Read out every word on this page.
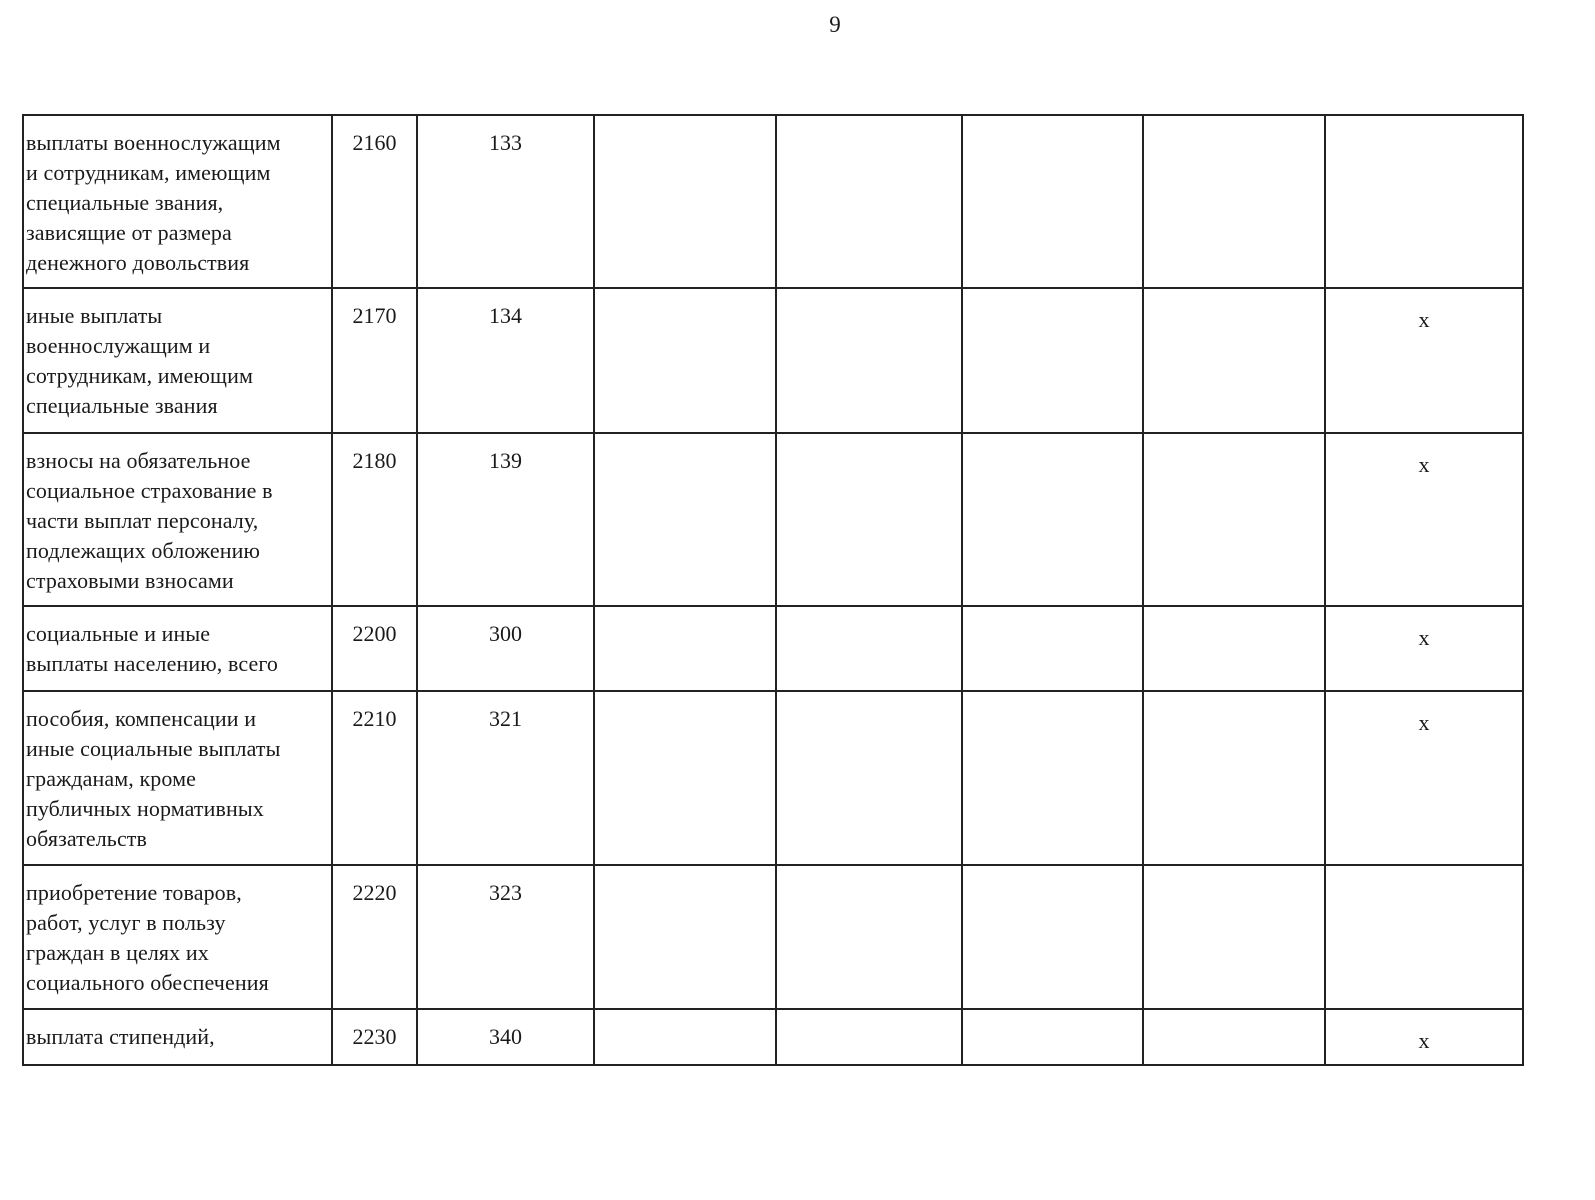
9
выплаты военнослужащим
и сотрудникам, имеющим
специальные звания,
зависящие от размера
денежного довольствия	2160	133					

иные выплаты
военнослужащим и
сотрудникам, имеющим
специальные звания	2170	134					x

взносы на обязательное
социальное страхование в
части выплат персоналу,
подлежащих обложению
страховыми взносами	2180	139					x

социальные и иные
выплаты населению, всего	2200	300					x

пособия, компенсации и
иные социальные выплаты
гражданам, кроме
публичных нормативных
обязательств	2210	321					x

приобретение товаров,
работ, услуг в пользу
граждан в целях их
социального обеспечения	2220	323					

выплата стипендий,	2230	340					x
